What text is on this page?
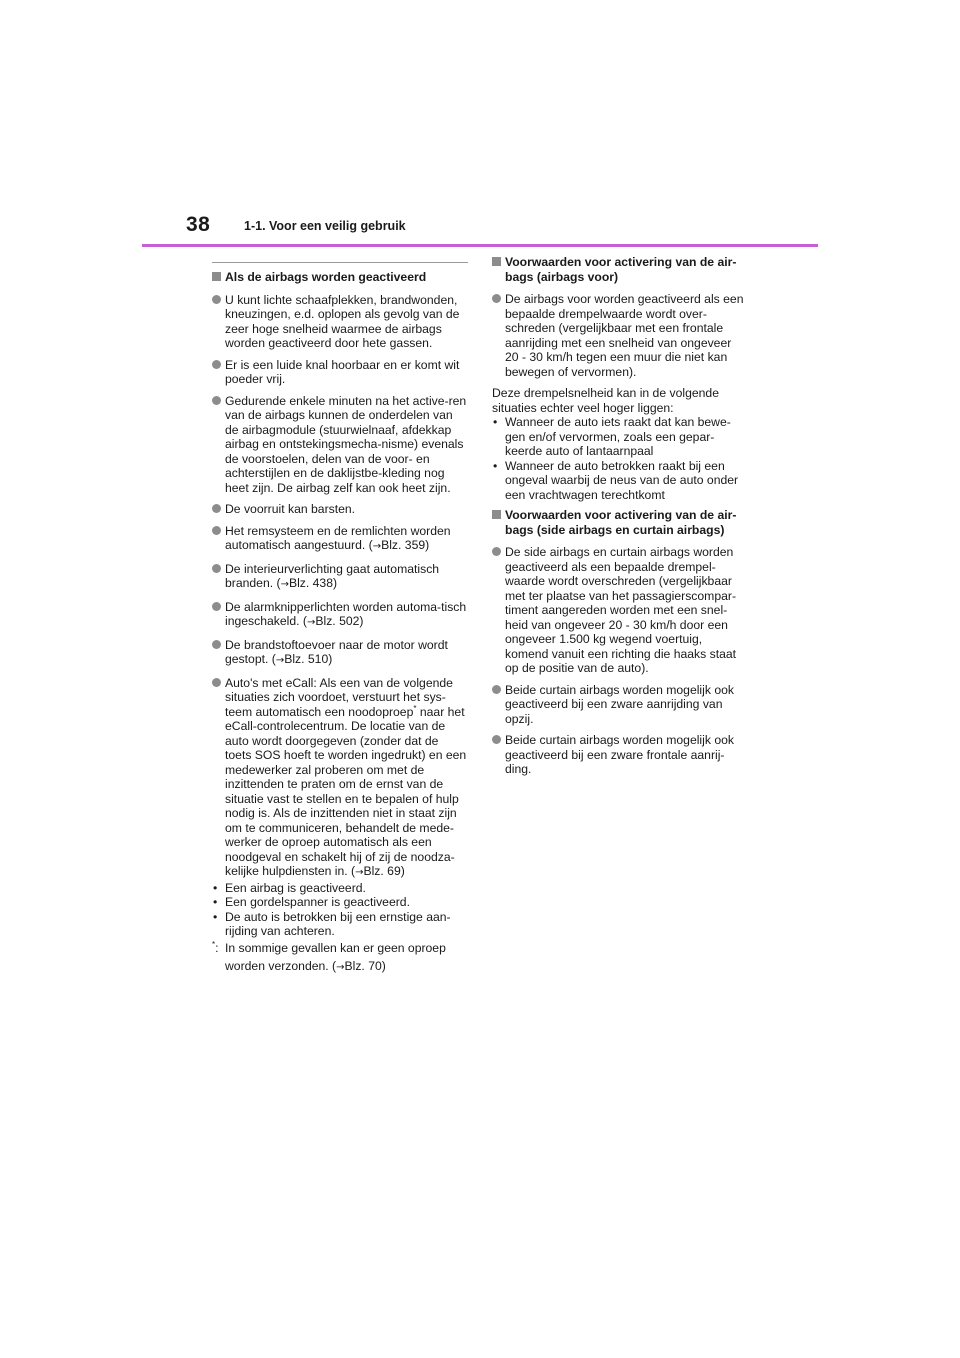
38	1-1. Voor een veilig gebruik
Als de airbags worden geactiveerd
U kunt lichte schaafplekken, brandwonden, kneuzingen, e.d. oplopen als gevolg van de zeer hoge snelheid waarmee de airbags worden geactiveerd door hete gassen.
Er is een luide knal hoorbaar en er komt wit poeder vrij.
Gedurende enkele minuten na het active-ren van de airbags kunnen de onderdelen van de airbagmodule (stuurwielnaaf, afdekkap airbag en ontstekingsmecha-nisme) evenals de voorstoelen, delen van de voor- en achterstijlen en de daklijstbe-kleding nog heet zijn. De airbag zelf kan ook heet zijn.
De voorruit kan barsten.
Het remsysteem en de remlichten worden automatisch aangestuurd. (→Blz. 359)
De interieurverlichting gaat automatisch branden. (→Blz. 438)
De alarmknipperlichten worden automa-tisch ingeschakeld. (→Blz. 502)
De brandstoftoevoer naar de motor wordt gestopt. (→Blz. 510)
Auto's met eCall: Als een van de volgende situaties zich voordoet, verstuurt het sys-teem automatisch een noodoproep* naar het eCall-controlecentrum. De locatie van de auto wordt doorgegeven (zonder dat de toets SOS hoeft te worden ingedrukt) en een medewerker zal proberen om met de inzittenden te praten om de ernst van de situatie vast te stellen en te bepalen of hulp nodig is. Als de inzittenden niet in staat zijn om te communiceren, behandelt de mede-werker de oproep automatisch als een noodgeval en schakelt hij of zij de noodza-kelijke hulpdiensten in. (→Blz. 69)
• Een airbag is geactiveerd.
• Een gordelspanner is geactiveerd.
• De auto is betrokken bij een ernstige aan-rijding van achteren.
*: In sommige gevallen kan er geen oproep
worden verzonden. (→Blz. 70)
Voorwaarden voor activering van de air-bags (airbags voor)
De airbags voor worden geactiveerd als een bepaalde drempelwaarde wordt over-schreden (vergelijkbaar met een frontale aanrijding met een snelheid van ongeveer 20 - 30 km/h tegen een muur die niet kan bewegen of vervormen).
Deze drempelsnelheid kan in de volgende situaties echter veel hoger liggen:
• Wanneer de auto iets raakt dat kan bewe-gen en/of vervormen, zoals een gepar-keerde auto of lantaarnpaal
• Wanneer de auto betrokken raakt bij een ongeval waarbij de neus van de auto onder een vrachtwagen terechtkomt
Voorwaarden voor activering van de air-bags (side airbags en curtain airbags)
De side airbags en curtain airbags worden geactiveerd als een bepaalde drempel-waarde wordt overschreden (vergelijkbaar met ter plaatse van het passagierscompar-timent aangereden worden met een snel-heid van ongeveer 20 - 30 km/h door een ongeveer 1.500 kg wegend voertuig, komend vanuit een richting die haaks staat op de positie van de auto).
Beide curtain airbags worden mogelijk ook geactiveerd bij een zware aanrijding van opzij.
Beide curtain airbags worden mogelijk ook geactiveerd bij een zware frontale aanrij-ding.
